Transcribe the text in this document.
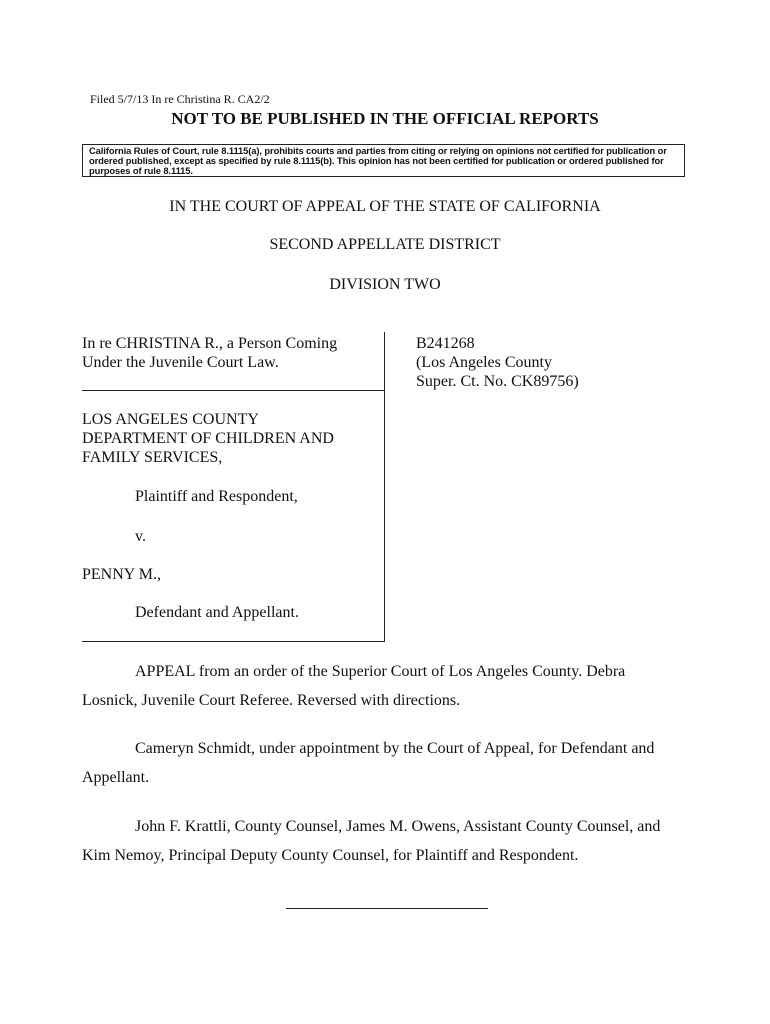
Filed 5/7/13 In re Christina R. CA2/2
NOT TO BE PUBLISHED IN THE OFFICIAL REPORTS
California Rules of Court, rule 8.1115(a), prohibits courts and parties from citing or relying on opinions not certified for publication or ordered published, except as specified by rule 8.1115(b). This opinion has not been certified for publication or ordered published for purposes of rule 8.1115.
IN THE COURT OF APPEAL OF THE STATE OF CALIFORNIA
SECOND APPELLATE DISTRICT
DIVISION TWO
In re CHRISTINA R., a Person Coming
Under the Juvenile Court Law.
LOS ANGELES COUNTY
DEPARTMENT OF CHILDREN AND
FAMILY SERVICES,
Plaintiff and Respondent,
v.
PENNY M.,
Defendant and Appellant.
B241268
(Los Angeles County
Super. Ct. No. CK89756)
APPEAL from an order of the Superior Court of Los Angeles County. Debra
Losnick, Juvenile Court Referee. Reversed with directions.
Cameryn Schmidt, under appointment by the Court of Appeal, for Defendant and
Appellant.
John F. Krattli, County Counsel, James M. Owens, Assistant County Counsel, and
Kim Nemoy, Principal Deputy County Counsel, for Plaintiff and Respondent.
